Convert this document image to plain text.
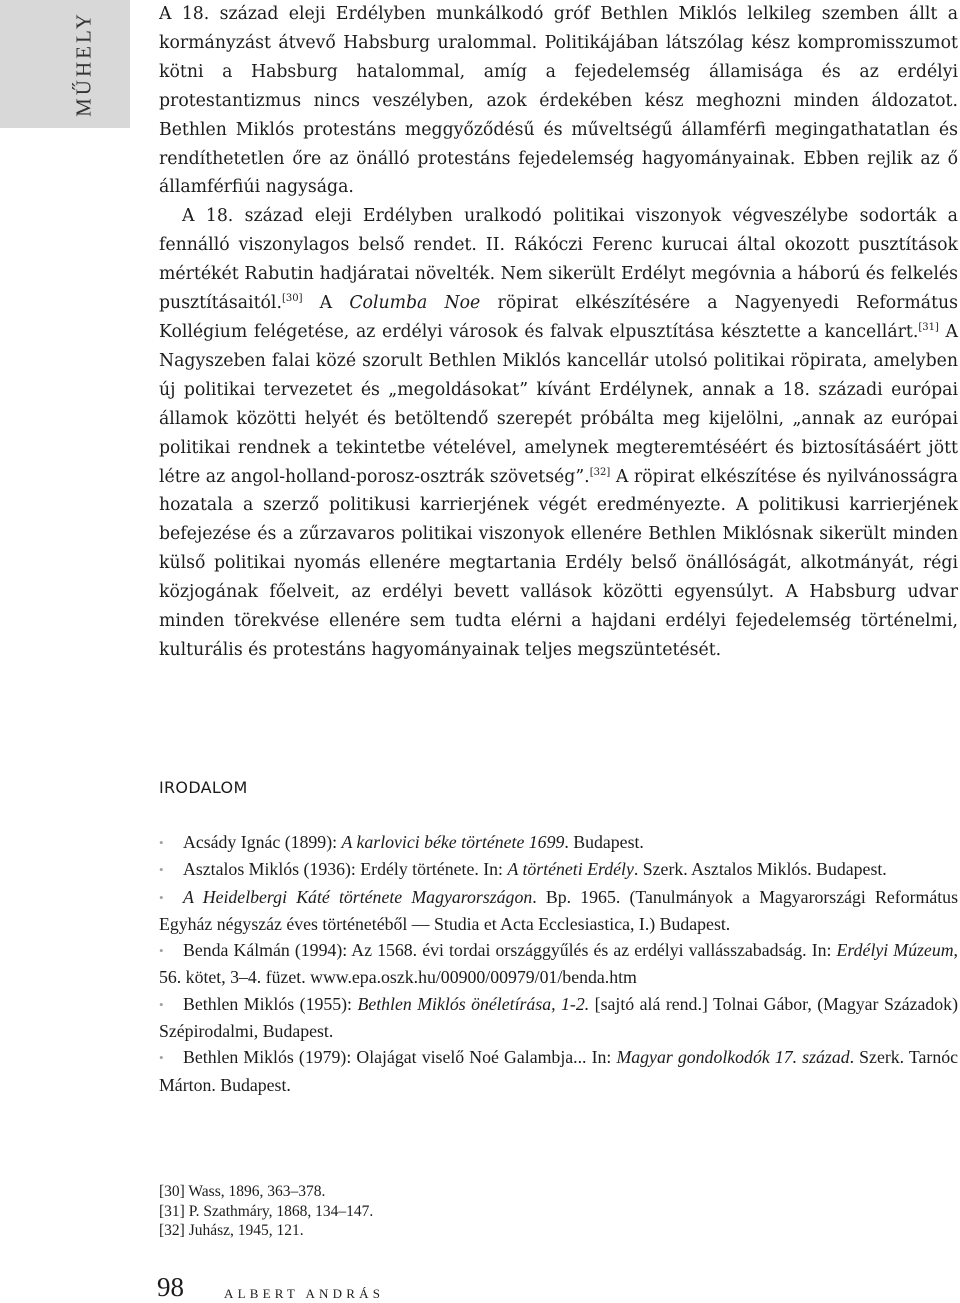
MŰHELY	A 18. század eleji Erdélyben munkálkodó gróf Bethlen Miklós lelkileg szemben állt a kormányzást átvevő Habsburg uralommal. Politikájában látszólag kész kompromisszumot kötni a Habsburg hatalommal, amíg a fejedelemség államisága és az erdélyi protestantizmus nincs veszélyben, azok érdekében kész meghozni minden áldozatot. Bethlen Miklós protestáns meggyőződésű és műveltségű államférfi megingathatatlan és rendíthetetlen őre az önálló protestáns fejedelemség hagyományainak. Ebben rejlik az ő államférfiúi nagysága.

A 18. század eleji Erdélyben uralkodó politikai viszonyok végveszélybe sodorták a fennálló viszonylagos belső rendet. II. Rákóczi Ferenc kurucai által okozott pusztítások mértékét Rabutin hadjáratai növelték. Nem sikerült Erdélyt megóvnia a háború és felkelés pusztításaitól.[30] A Columba Noe röpirat elkészítésére a Nagyenyedi Református Kollégium felégetése, az erdélyi városok és falvak elpusztítása késztette a kancellárt.[31] A Nagyszeben falai közé szorult Bethlen Miklós kancellár utolsó politikai röpirata, amelyben új politikai tervezetet és „megoldásokat” kívánt Erdélynek, annak a 18. századi európai államok közötti helyét és betöltendő szerepét próbálta meg kijelölni, „annak az európai politikai rendnek a tekintetbe vételével, amelynek megteremtéséért és biztosításáért jött létre az angol-holland-porosz-osztrák szövetség”.[32] A röpirat elkészítése és nyilvánosságra hozatala a szerző politikusi karrierjének végét eredményezte. A politikusi karrierjének befejezése és a zűrzavaros politikai viszonyok ellenére Bethlen Miklósnak sikerült minden külső politikai nyomás ellenére megtartania Erdély belső önállóságát, alkotmányát, régi közjogának főelveit, az erdélyi bevett vallások közötti egyensúlyt. A Habsburg udvar minden törekvése ellenére sem tudta elérni a hajdani erdélyi fejedelemség történelmi, kulturális és protestáns hagyományainak teljes megszüntetését.

IRODALOM
• Acsády Ignác (1899): A karlovici béke története 1699. Budapest.
• Asztalos Miklós (1936): Erdély története. In: A történeti Erdély. Szerk. Asztalos Miklós. Budapest.
• A Heidelbergi Káté története Magyarországon. Bp. 1965. (Tanulmányok a Magyarországi Református Egyház négyszáz éves történetéből — Studia et Acta Ecclesiastica, I.) Budapest.
• Benda Kálmán (1994): Az 1568. évi tordai országgyűlés és az erdélyi vallásszabadság. In: Erdélyi Múzeum, 56. kötet, 3–4. füzet. www.epa.oszk.hu/00900/00979/01/benda.htm
• Bethlen Miklós (1955): Bethlen Miklós önéletírása, 1-2. [sajtó alá rend.] Tolnai Gábor, (Magyar Századok) Szépirodalmi, Budapest.
• Bethlen Miklós (1979): Olajágat viselő Noé Galambja... In: Magyar gondolkodók 17. század. Szerk. Tarnóc Márton. Budapest.
[30] Wass, 1896, 363–378.
[31] P. Szathmáry, 1868, 134–147.
[32] Juhász, 1945, 121.
98	ALBERT ANDRÁS
